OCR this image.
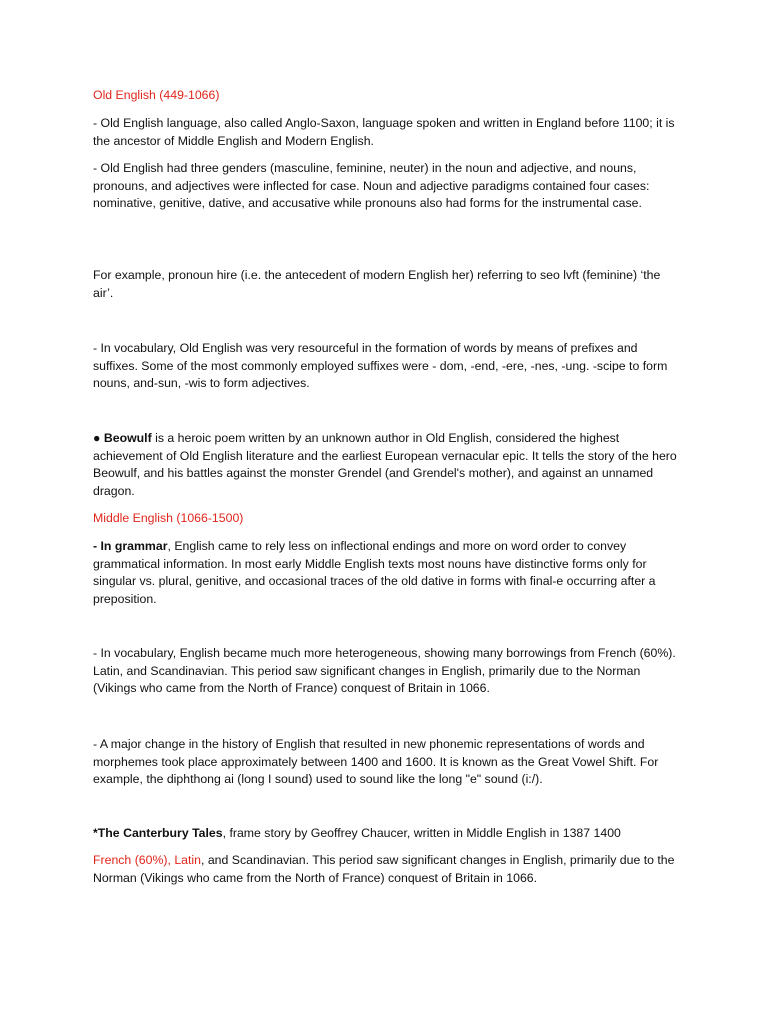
Old English (449-1066)

- Old English language, also called Anglo-Saxon, language spoken and written in England before 1100; it is the ancestor of Middle English and Modern English.

- Old English had three genders (masculine, feminine, neuter) in the noun and adjective, and nouns, pronouns, and adjectives were inflected for case. Noun and adjective paradigms contained four cases: nominative, genitive, dative, and accusative while pronouns also had forms for the instrumental case.

For example, pronoun hire (i.e. the antecedent of modern English her) referring to seo lvft (feminine) ‘the air’.

- In vocabulary, Old English was very resourceful in the formation of words by means of prefixes and suffixes. Some of the most commonly employed suffixes were - dom, -end, -ere, -nes, -ung. -scipe to form nouns, and-sun, -wis to form adjectives.

● Beowulf is a heroic poem written by an unknown author in Old English, considered the highest achievement of Old English literature and the earliest European vernacular epic. It tells the story of the hero Beowulf, and his battles against the monster Grendel (and Grendel's mother), and against an unnamed dragon.

Middle English (1066-1500)

- In grammar, English came to rely less on inflectional endings and more on word order to convey grammatical information. In most early Middle English texts most nouns have distinctive forms only for singular vs. plural, genitive, and occasional traces of the old dative in forms with final-e occurring after a preposition.

- In vocabulary, English became much more heterogeneous, showing many borrowings from French (60%). Latin, and Scandinavian. This period saw significant changes in English, primarily due to the Norman (Vikings who came from the North of France) conquest of Britain in 1066.

- A major change in the history of English that resulted in new phonemic representations of words and morphemes took place approximately between 1400 and 1600. It is known as the Great Vowel Shift. For example, the diphthong ai (long I sound) used to sound like the long "e" sound (i:/).

*The Canterbury Tales, frame story by Geoffrey Chaucer, written in Middle English in 1387 1400

French (60%), Latin, and Scandinavian. This period saw significant changes in English, primarily due to the Norman (Vikings who came from the North of France) conquest of Britain in 1066.
